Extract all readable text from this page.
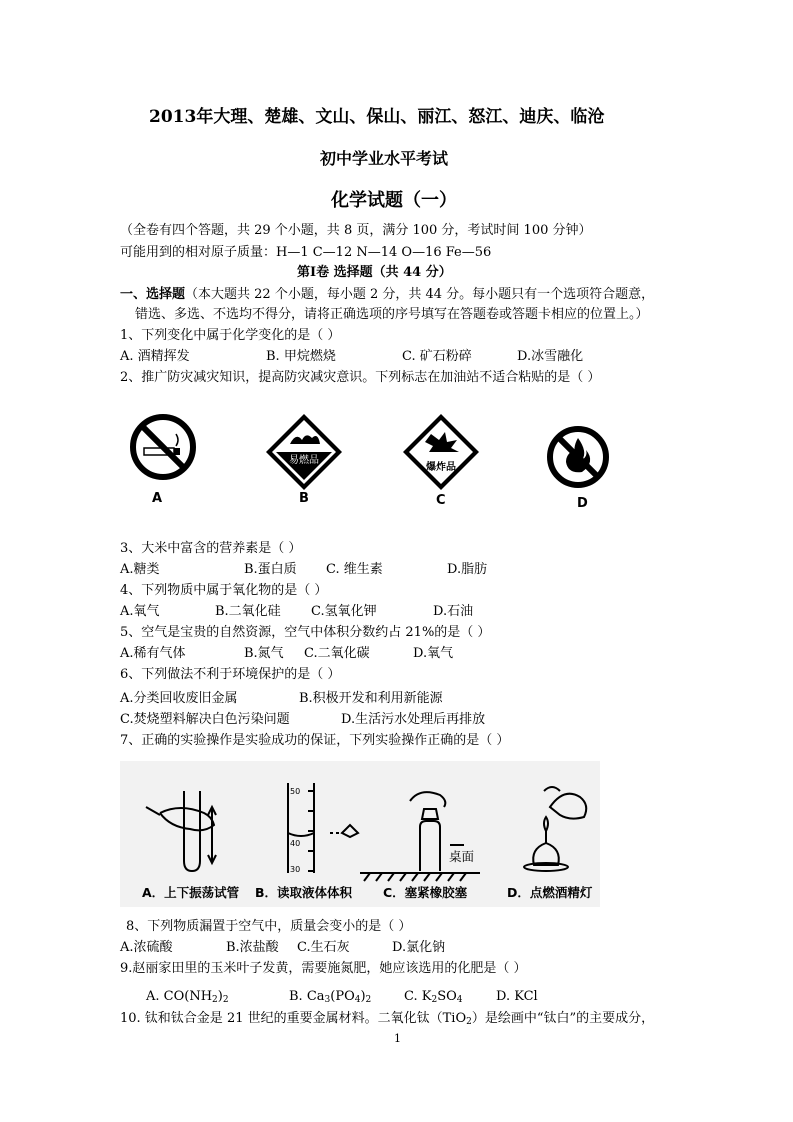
2013年大理、楚雄、文山、保山、丽江、怒江、迪庆、临沧
初中学业水平考试
化学试题（一）
（全卷有四个答题，共 29 个小题，共 8 页，满分 100 分，考试时间 100 分钟）
可能用到的相对原子质量：H—1 C—12 N—14 O—16 Fe—56
第Ⅰ卷 选择题（共 44 分）
一、选择题（本大题共 22 个小题，每小题 2 分，共 44 分。每小题只有一个选项符合题意，
错选、多选、不选均不得分，请将正确选项的序号填写在答题卷或答题卡相应的位置上。）
1、下列变化中属于化学变化的是（ ）
A. 酒精挥发	B. 甲烷燃烧	C. 矿石粉碎	D.冰雪融化
2、推广防灾减灾知识，提高防灾减灾意识。下列标志在加油站不适合粘贴的是（ ）
A
易燃品
B
爆炸品
C	D
3、大米中富含的营养素是（ ）
A.糖类	B.蛋白质 C. 维生素	D.脂肪
4、下列物质中属于氧化物的是（ ）
A.氧气	B.二氧化硅 C.氢氧化钾	D.石油
5、空气是宝贵的自然资源，空气中体积分数约占 21%的是（ ）
A.稀有气体	B.氮气 C.二氧化碳	D.氧气
6、下列做法不利于环境保护的是（ ）
A.分类回收废旧金属	B.积极开发和利用新能源
C.焚烧塑料解决白色污染问题	D.生活污水处理后再排放
7、正确的实验操作是实验成功的保证，下列实验操作正确的是（ ）
A．上下振荡试管 B．读取液体体积 C．塞紧橡胶塞	D．点燃酒精灯
桌面
50
40
30
8、下列物质漏置于空气中，质量会变小的是（ ）
A.浓硫酸	B.浓盐酸 C.生石灰	D.氯化钠
9.赵丽家田里的玉米叶子发黄，需要施氮肥，她应该选用的化肥是（ ）
A. $CO(NH_2)_2$	B. $Ca_3(PO_4)_2$	C. $K_2SO_4$	D. KCl
10. 钛和钛合金是 21 世纪的重要金属材料。二氧化钛（TiO$_2$）是绘画中“钛白”的主要成分，
1
